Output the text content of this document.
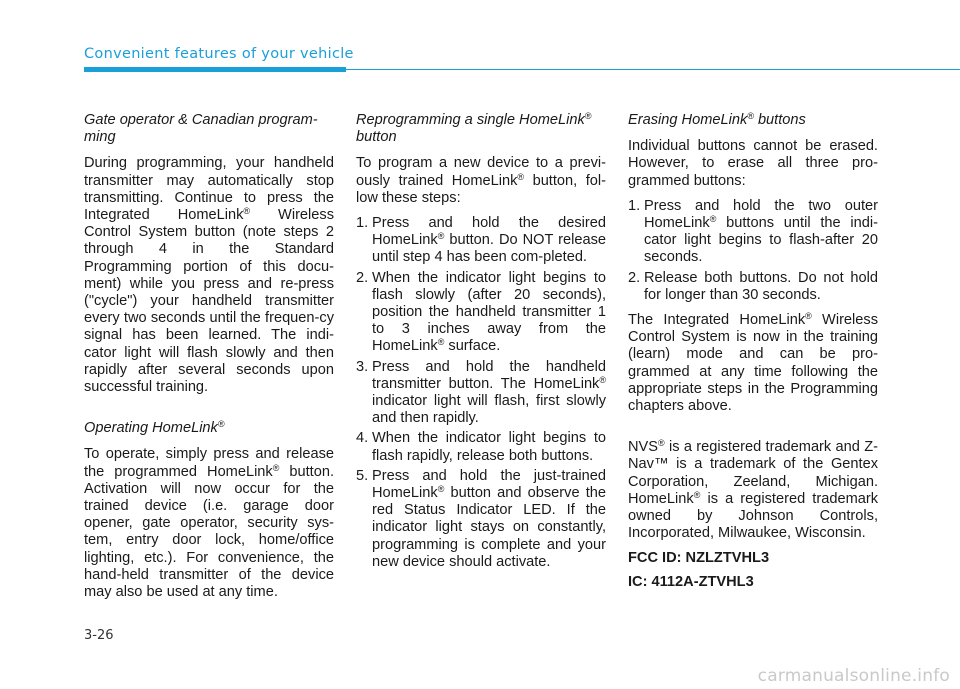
Convenient features of your vehicle
Gate operator & Canadian program-ming
During programming, your handheld transmitter may automatically stop transmitting. Continue to press the Integrated HomeLink® Wireless Control System button (note steps 2 through 4 in the Standard Programming portion of this docu-ment) while you press and re-press ("cycle") your handheld transmitter every two seconds until the frequen-cy signal has been learned. The indi-cator light will flash slowly and then rapidly after several seconds upon successful training.
Operating HomeLink®
To operate, simply press and release the programmed HomeLink® button. Activation will now occur for the trained device (i.e. garage door opener, gate operator, security sys-tem, entry door lock, home/office lighting, etc.). For convenience, the hand-held transmitter of the device may also be used at any time.
Reprogramming a single HomeLink® button
To program a new device to a previ-ously trained HomeLink® button, fol-low these steps:
1. Press and hold the desired HomeLink® button. Do NOT release until step 4 has been com-pleted.
2. When the indicator light begins to flash slowly (after 20 seconds), position the handheld transmitter 1 to 3 inches away from the HomeLink® surface.
3. Press and hold the handheld transmitter button. The HomeLink® indicator light will flash, first slowly and then rapidly.
4. When the indicator light begins to flash rapidly, release both buttons.
5. Press and hold the just-trained HomeLink® button and observe the red Status Indicator LED. If the indicator light stays on constantly, programming is complete and your new device should activate.
Erasing HomeLink® buttons
Individual buttons cannot be erased. However, to erase all three pro-grammed buttons:
1. Press and hold the two outer HomeLink® buttons until the indi-cator light begins to flash-after 20 seconds.
2. Release both buttons. Do not hold for longer than 30 seconds.
The Integrated HomeLink® Wireless Control System is now in the training (learn) mode and can be pro-grammed at any time following the appropriate steps in the Programming chapters above.
NVS® is a registered trademark and Z-Nav™ is a trademark of the Gentex Corporation, Zeeland, Michigan. HomeLink® is a registered trademark owned by Johnson Controls, Incorporated, Milwaukee, Wisconsin.
FCC ID: NZLZTVHL3
IC: 4112A-ZTVHL3
3-26
carmanualsonline.info
